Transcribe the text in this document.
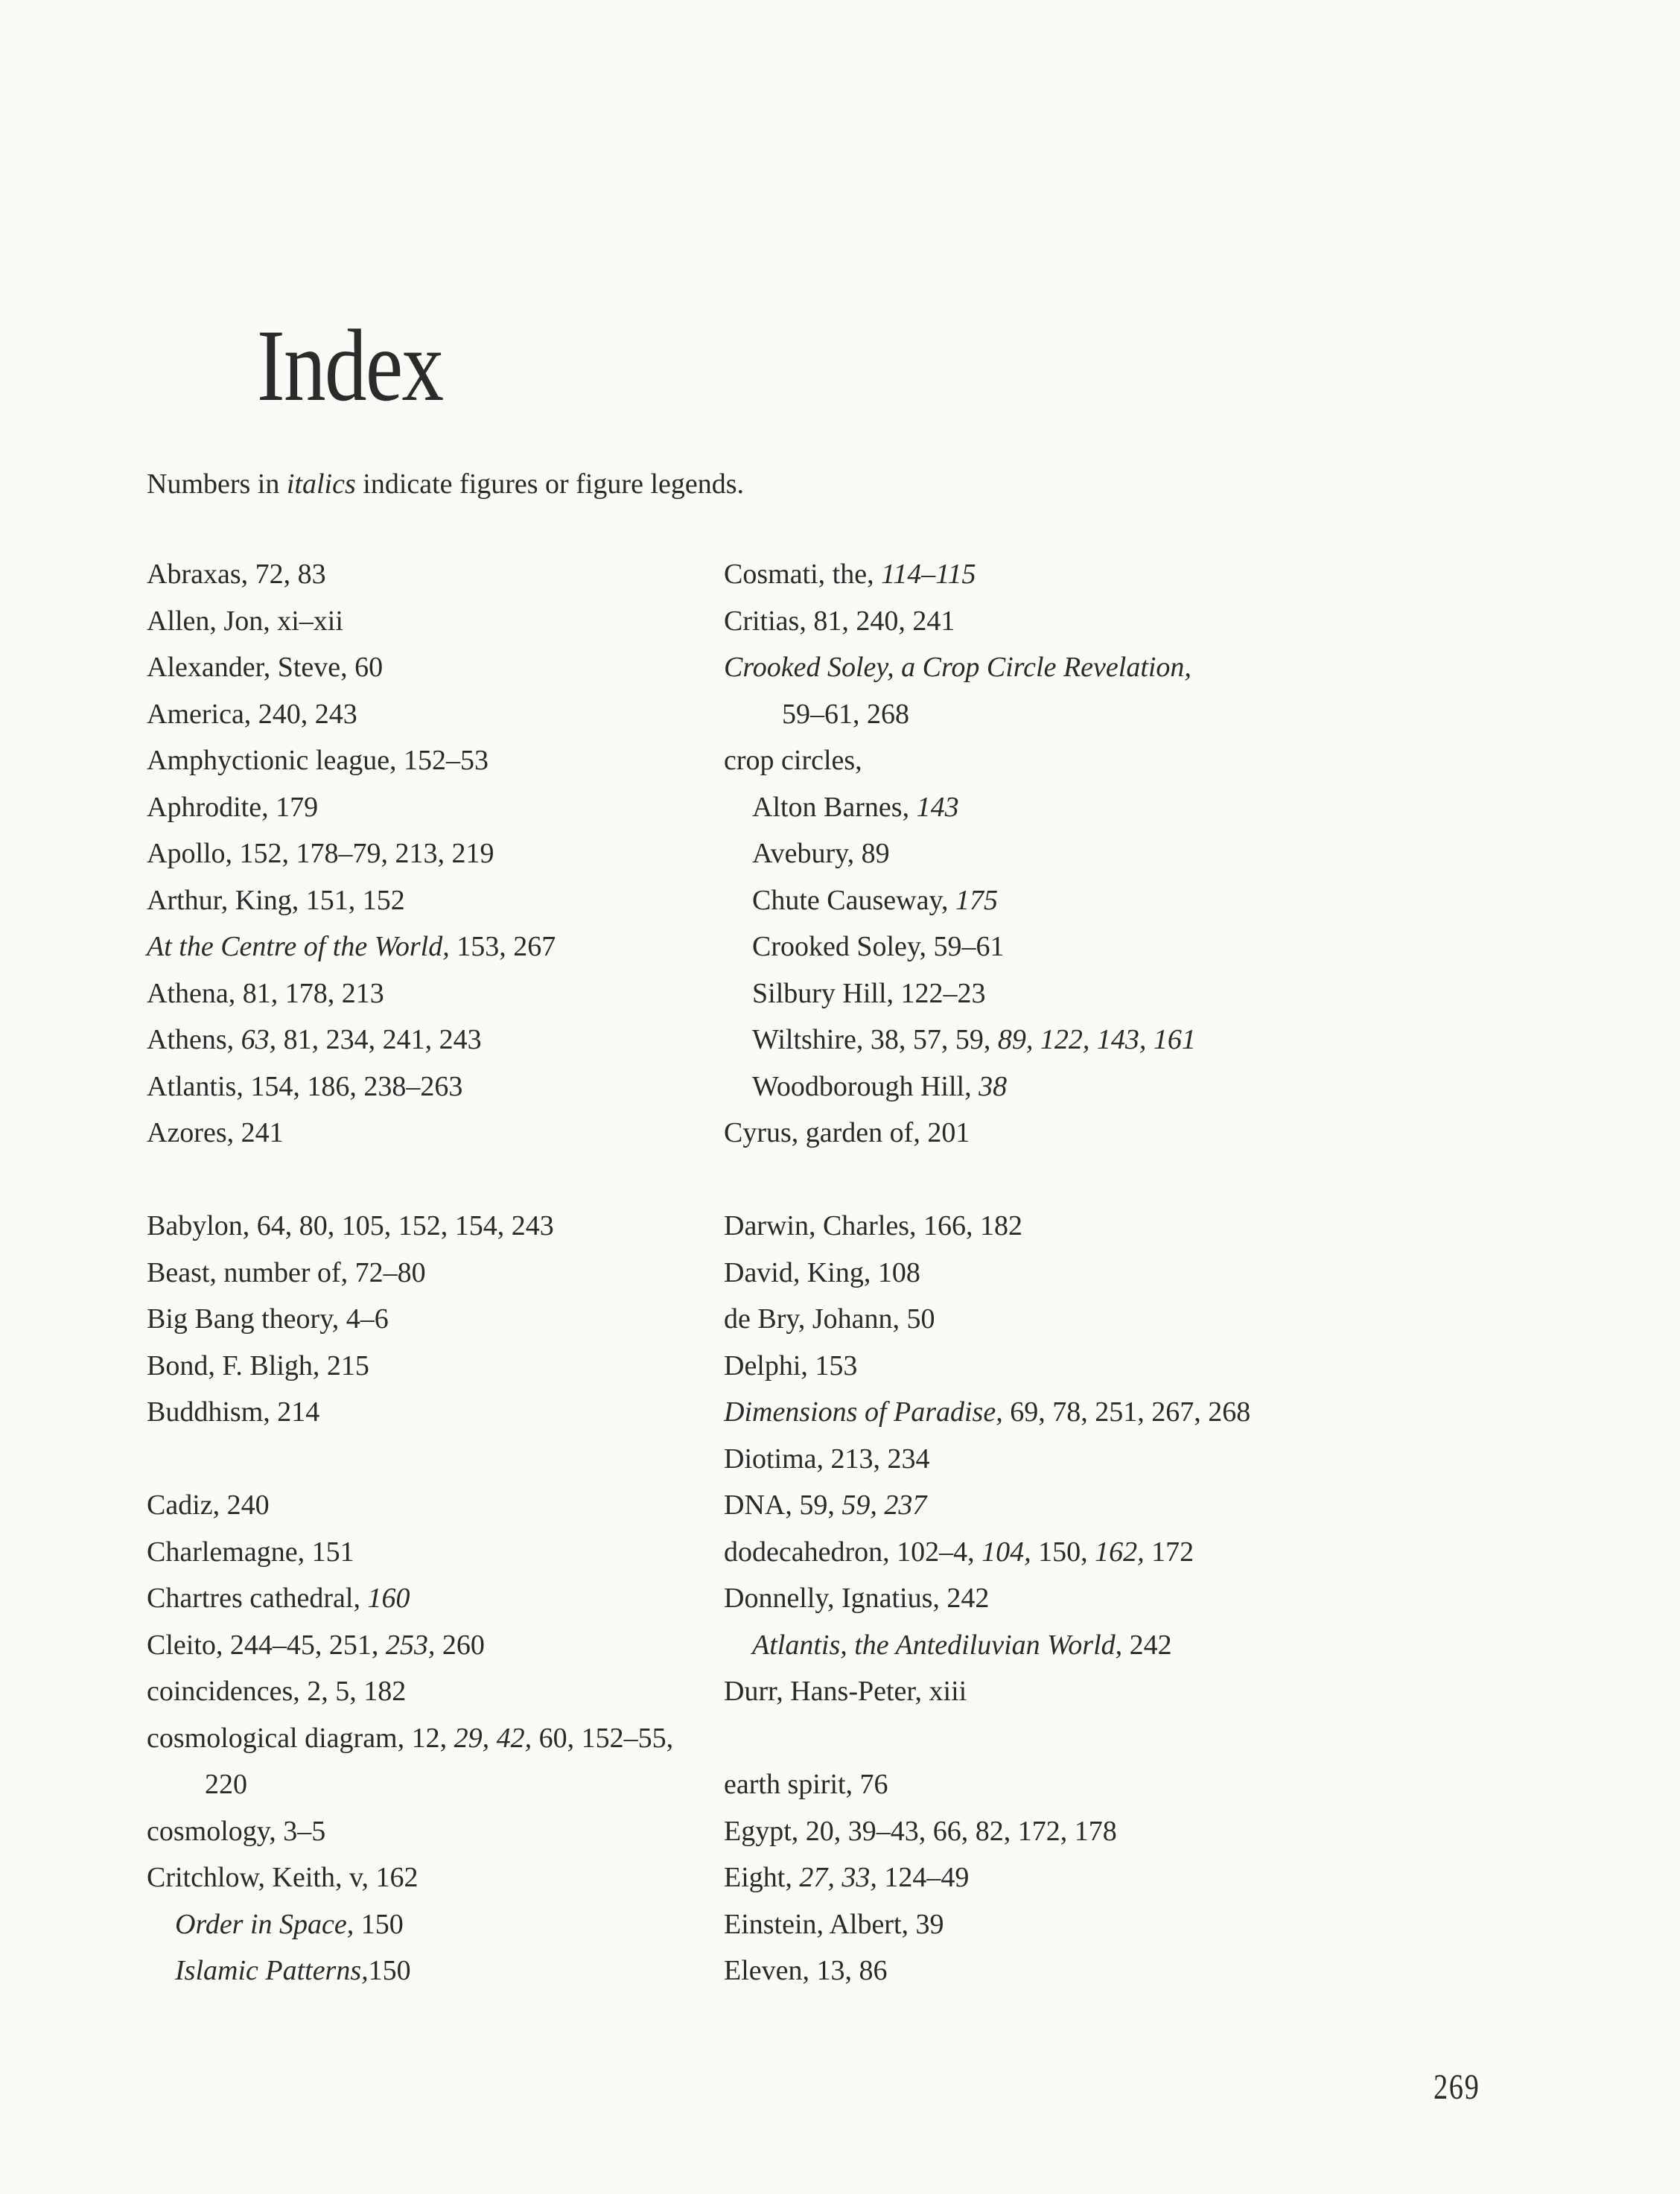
Index
Numbers in italics indicate figures or figure legends.
Abraxas, 72, 83
Allen, Jon, xi–xii
Alexander, Steve, 60
America, 240, 243
Amphyctionic league, 152–53
Aphrodite, 179
Apollo, 152, 178–79, 213, 219
Arthur, King, 151, 152
At the Centre of the World, 153, 267
Athena, 81, 178, 213
Athens, 63, 81, 234, 241, 243
Atlantis, 154, 186, 238–263
Azores, 241
Babylon, 64, 80, 105, 152, 154, 243
Beast, number of, 72–80
Big Bang theory, 4–6
Bond, F. Bligh, 215
Buddhism, 214
Cadiz, 240
Charlemagne, 151
Chartres cathedral, 160
Cleito, 244–45, 251, 253, 260
coincidences, 2, 5, 182
cosmological diagram, 12, 29, 42, 60, 152–55,
220
cosmology, 3–5
Critchlow, Keith, v, 162
Order in Space, 150
Islamic Patterns,150
Cosmati, the, 114–115
Critias, 81, 240, 241
Crooked Soley, a Crop Circle Revelation,
59–61, 268
crop circles,
Alton Barnes, 143
Avebury, 89
Chute Causeway, 175
Crooked Soley, 59–61
Silbury Hill, 122–23
Wiltshire, 38, 57, 59, 89, 122, 143, 161
Woodborough Hill, 38
Cyrus, garden of, 201
Darwin, Charles, 166, 182
David, King, 108
de Bry, Johann, 50
Delphi, 153
Dimensions of Paradise, 69, 78, 251, 267, 268
Diotima, 213, 234
DNA, 59, 59, 237
dodecahedron, 102–4, 104, 150, 162, 172
Donnelly, Ignatius, 242
Atlantis, the Antediluvian World, 242
Durr, Hans-Peter, xiii
earth spirit, 76
Egypt, 20, 39–43, 66, 82, 172, 178
Eight, 27, 33, 124–49
Einstein, Albert, 39
Eleven, 13, 86
269
